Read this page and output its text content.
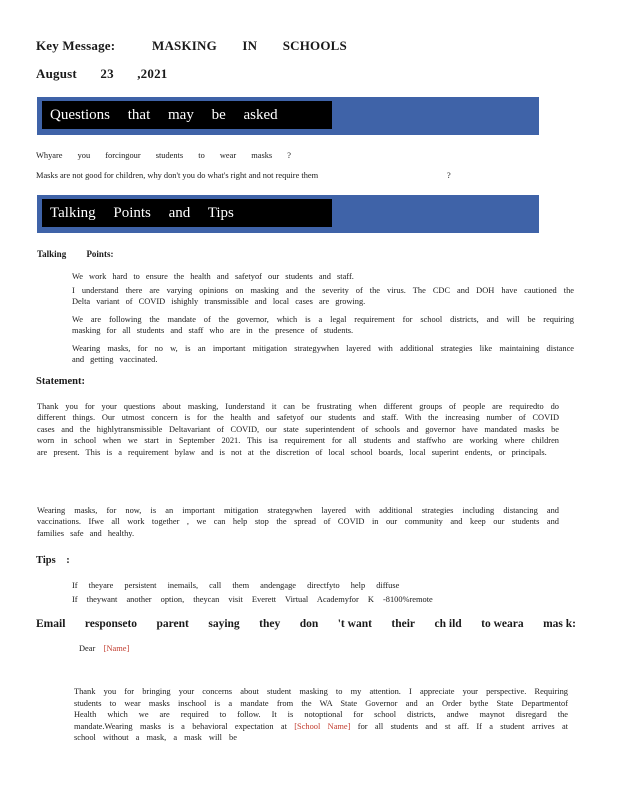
Key Message:	MASKING IN SCHOOLS
August 23 ,2021
Questions that may be asked
Whyare you forcingour students to wear masks ?
Masks are not good for children, why don't you do what's right and not require them	?
Talking Points and Tips
Talking Points:
We work hard to ensure the health and safetyof our students and staff.
I understand there are varying opinions on masking and the severity of the virus. The CDC and DOH have cautioned the Delta variant of COVID ishighly transmissible and local cases are growing.
We are following the mandate of the governor, which is a legal requirement for school districts, and will be requiring masking for all students and staff who are in the presence of students.
Wearing masks, for no w, is an important mitigation strategywhen layered with additional strategies like maintaining distance and getting vaccinated.
Statement:
Thank you for your questions about masking, Iunderstand it can be frustrating when different groups of people are requiredto do different things. Our utmost concern is for the health and safetyof our students and staff. With the increasing number of COVID cases and the highlytransmissible Deltavariant of COVID, our state superintendent of schools and governor have mandated masks be worn in school when we start in September 2021. This isa requirement for all students and staffwho are working where children are present. This is a requirement bylaw and is not at the discretion of local school boards, local superint endents, or principals.
Wearing masks, for now, is an important mitigation strategywhen layered with additional strategies including distancing and vaccinations. Ifwe all work together , we can help stop the spread of COVID in our community and keep our students and families safe and healthy.
Tips :
If theyare persistent inemails, call them andengage directfyto help diffuse
If theywant another option, theycan visit Everett Virtual Academyfor K -8100%remote
Email responseto parent saying they don 't want their ch ild to weara mas k:
Dear [Name]
Thank you for bringing your concerns about student masking to my attention. I appreciate your perspective. Requiring students to wear masks inschool is a mandate from the WA State Governor and an Order bythe State Departmentof Health which we are required to follow. It is notoptional for school districts, andwe maynot disregard the mandate.Wearing masks is a behavioral expectation at [School Name] for all students and st aff. If a student arrives at school without a mask, a mask will be
